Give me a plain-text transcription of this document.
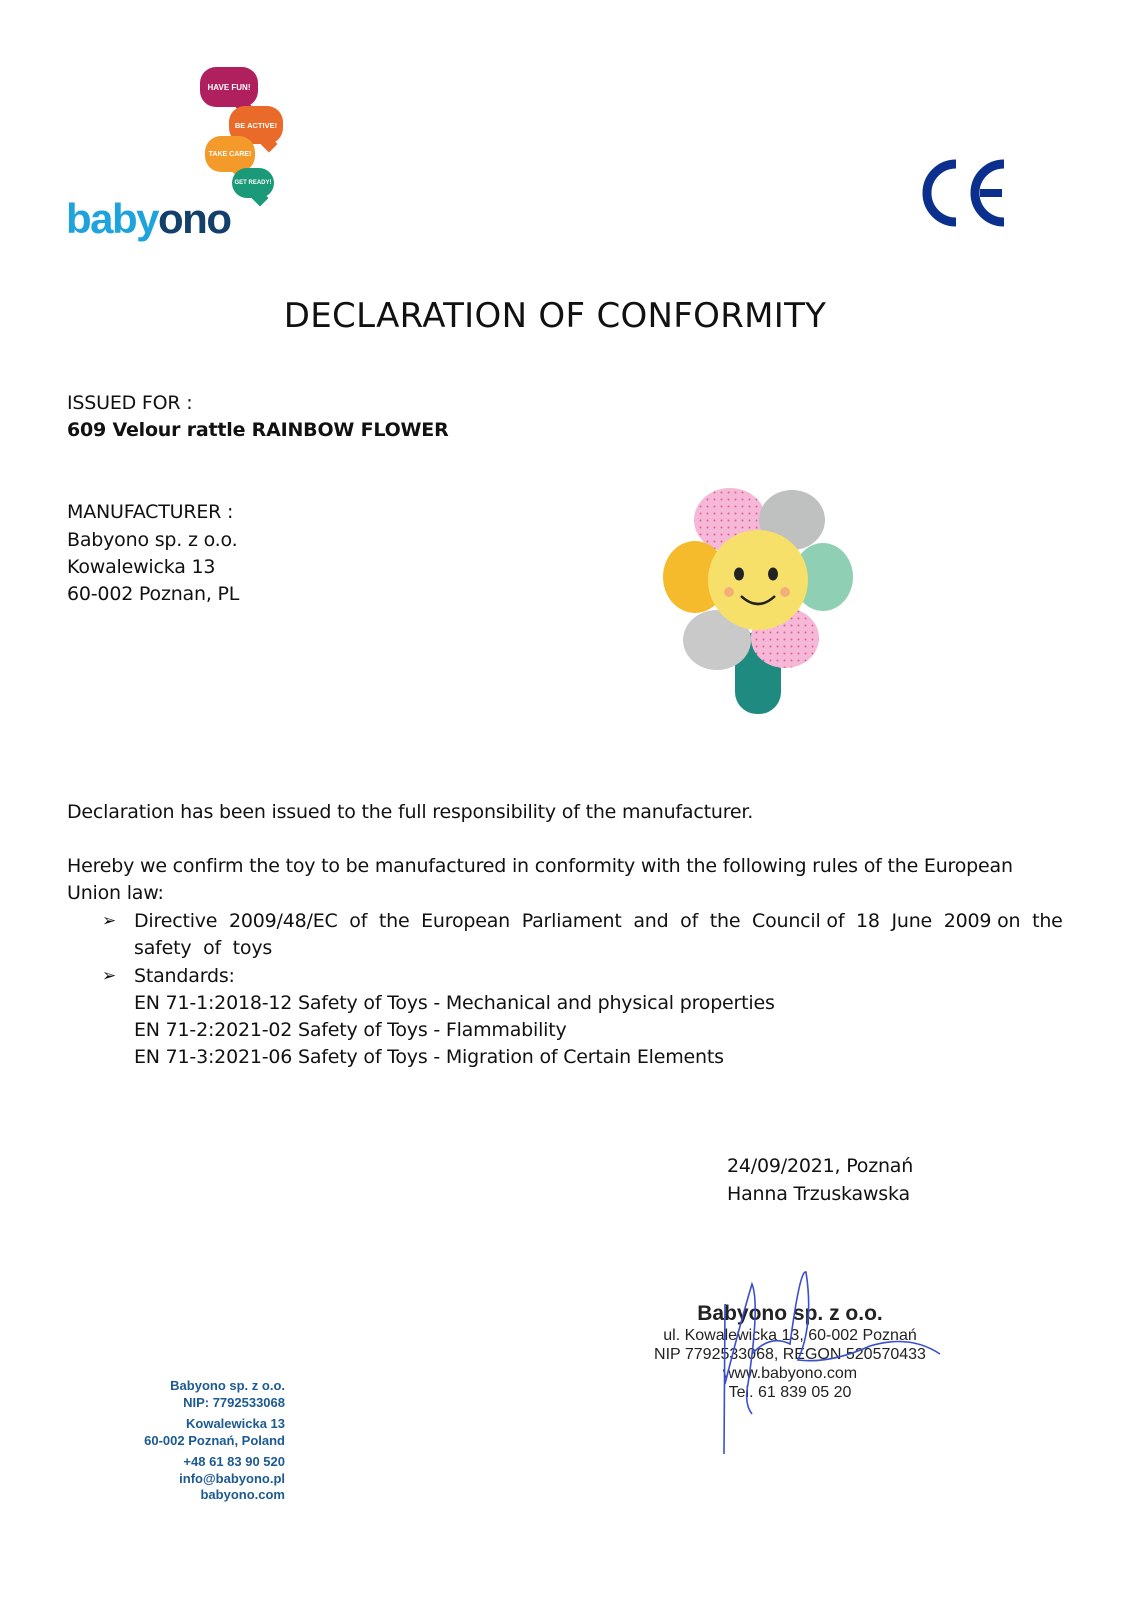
HAVE FUN!
BE ACTIVE!
TAKE CARE!
GET READY!
babyono
DECLARATION OF CONFORMITY
ISSUED FOR :
609 Velour rattle RAINBOW FLOWER
MANUFACTURER :
Babyono sp. z o.o.
Kowalewicka 13
60-002 Poznan, PL
Declaration has been issued to the full responsibility of the manufacturer.
Hereby we confirm the toy to be manufactured in conformity with the following rules of the European
Union law:
➢ Directive  2009/48/EC  of  the  European  Parliament  and  of  the  Council of  18  June  2009 on  the
safety  of  toys
➢ Standards:
EN 71-1:2018-12 Safety of Toys - Mechanical and physical properties
EN 71-2:2021-02 Safety of Toys - Flammability
EN 71-3:2021-06 Safety of Toys - Migration of Certain Elements
24/09/2021, Poznań
Hanna Trzuskawska
Babyono sp. z o.o.
ul. Kowalewicka 13, 60-002 Poznań
NIP 7792533068, REGON 520570433
www.babyono.com
Tel. 61 839 05 20
Babyono sp. z o.o.
NIP: 7792533068
Kowalewicka 13
60-002 Poznań, Poland
+48 61 83 90 520
info@babyono.pl
babyono.com
